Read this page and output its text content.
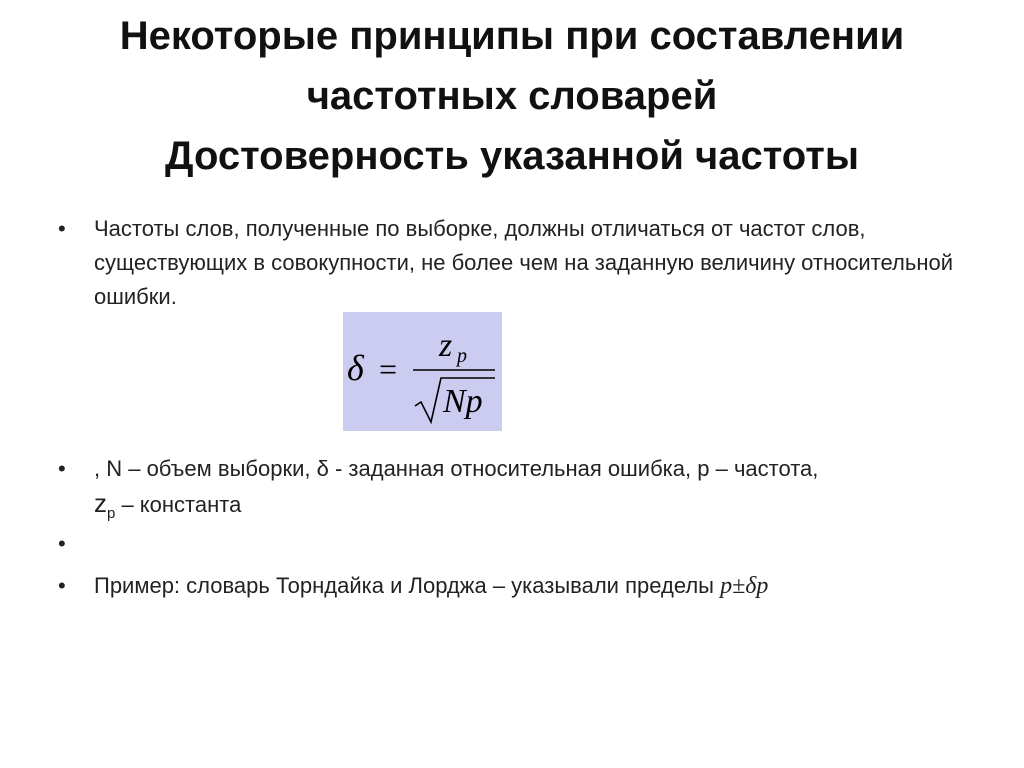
Некоторые принципы при составлении
частотных словарей
Достоверность указанной частоты
• Частоты слов, полученные по выборке, должны отличаться от частот слов, существующих в совокупности, не более чем на заданную величину относительной ошибки.
• , N – объем выборки, δ - заданная относительная ошибка, p – частота,
$z_p$ – константа
•

• Пример: словарь Торндайка и Лорджа – указывали пределы p±δp
δ =
z p
Np
